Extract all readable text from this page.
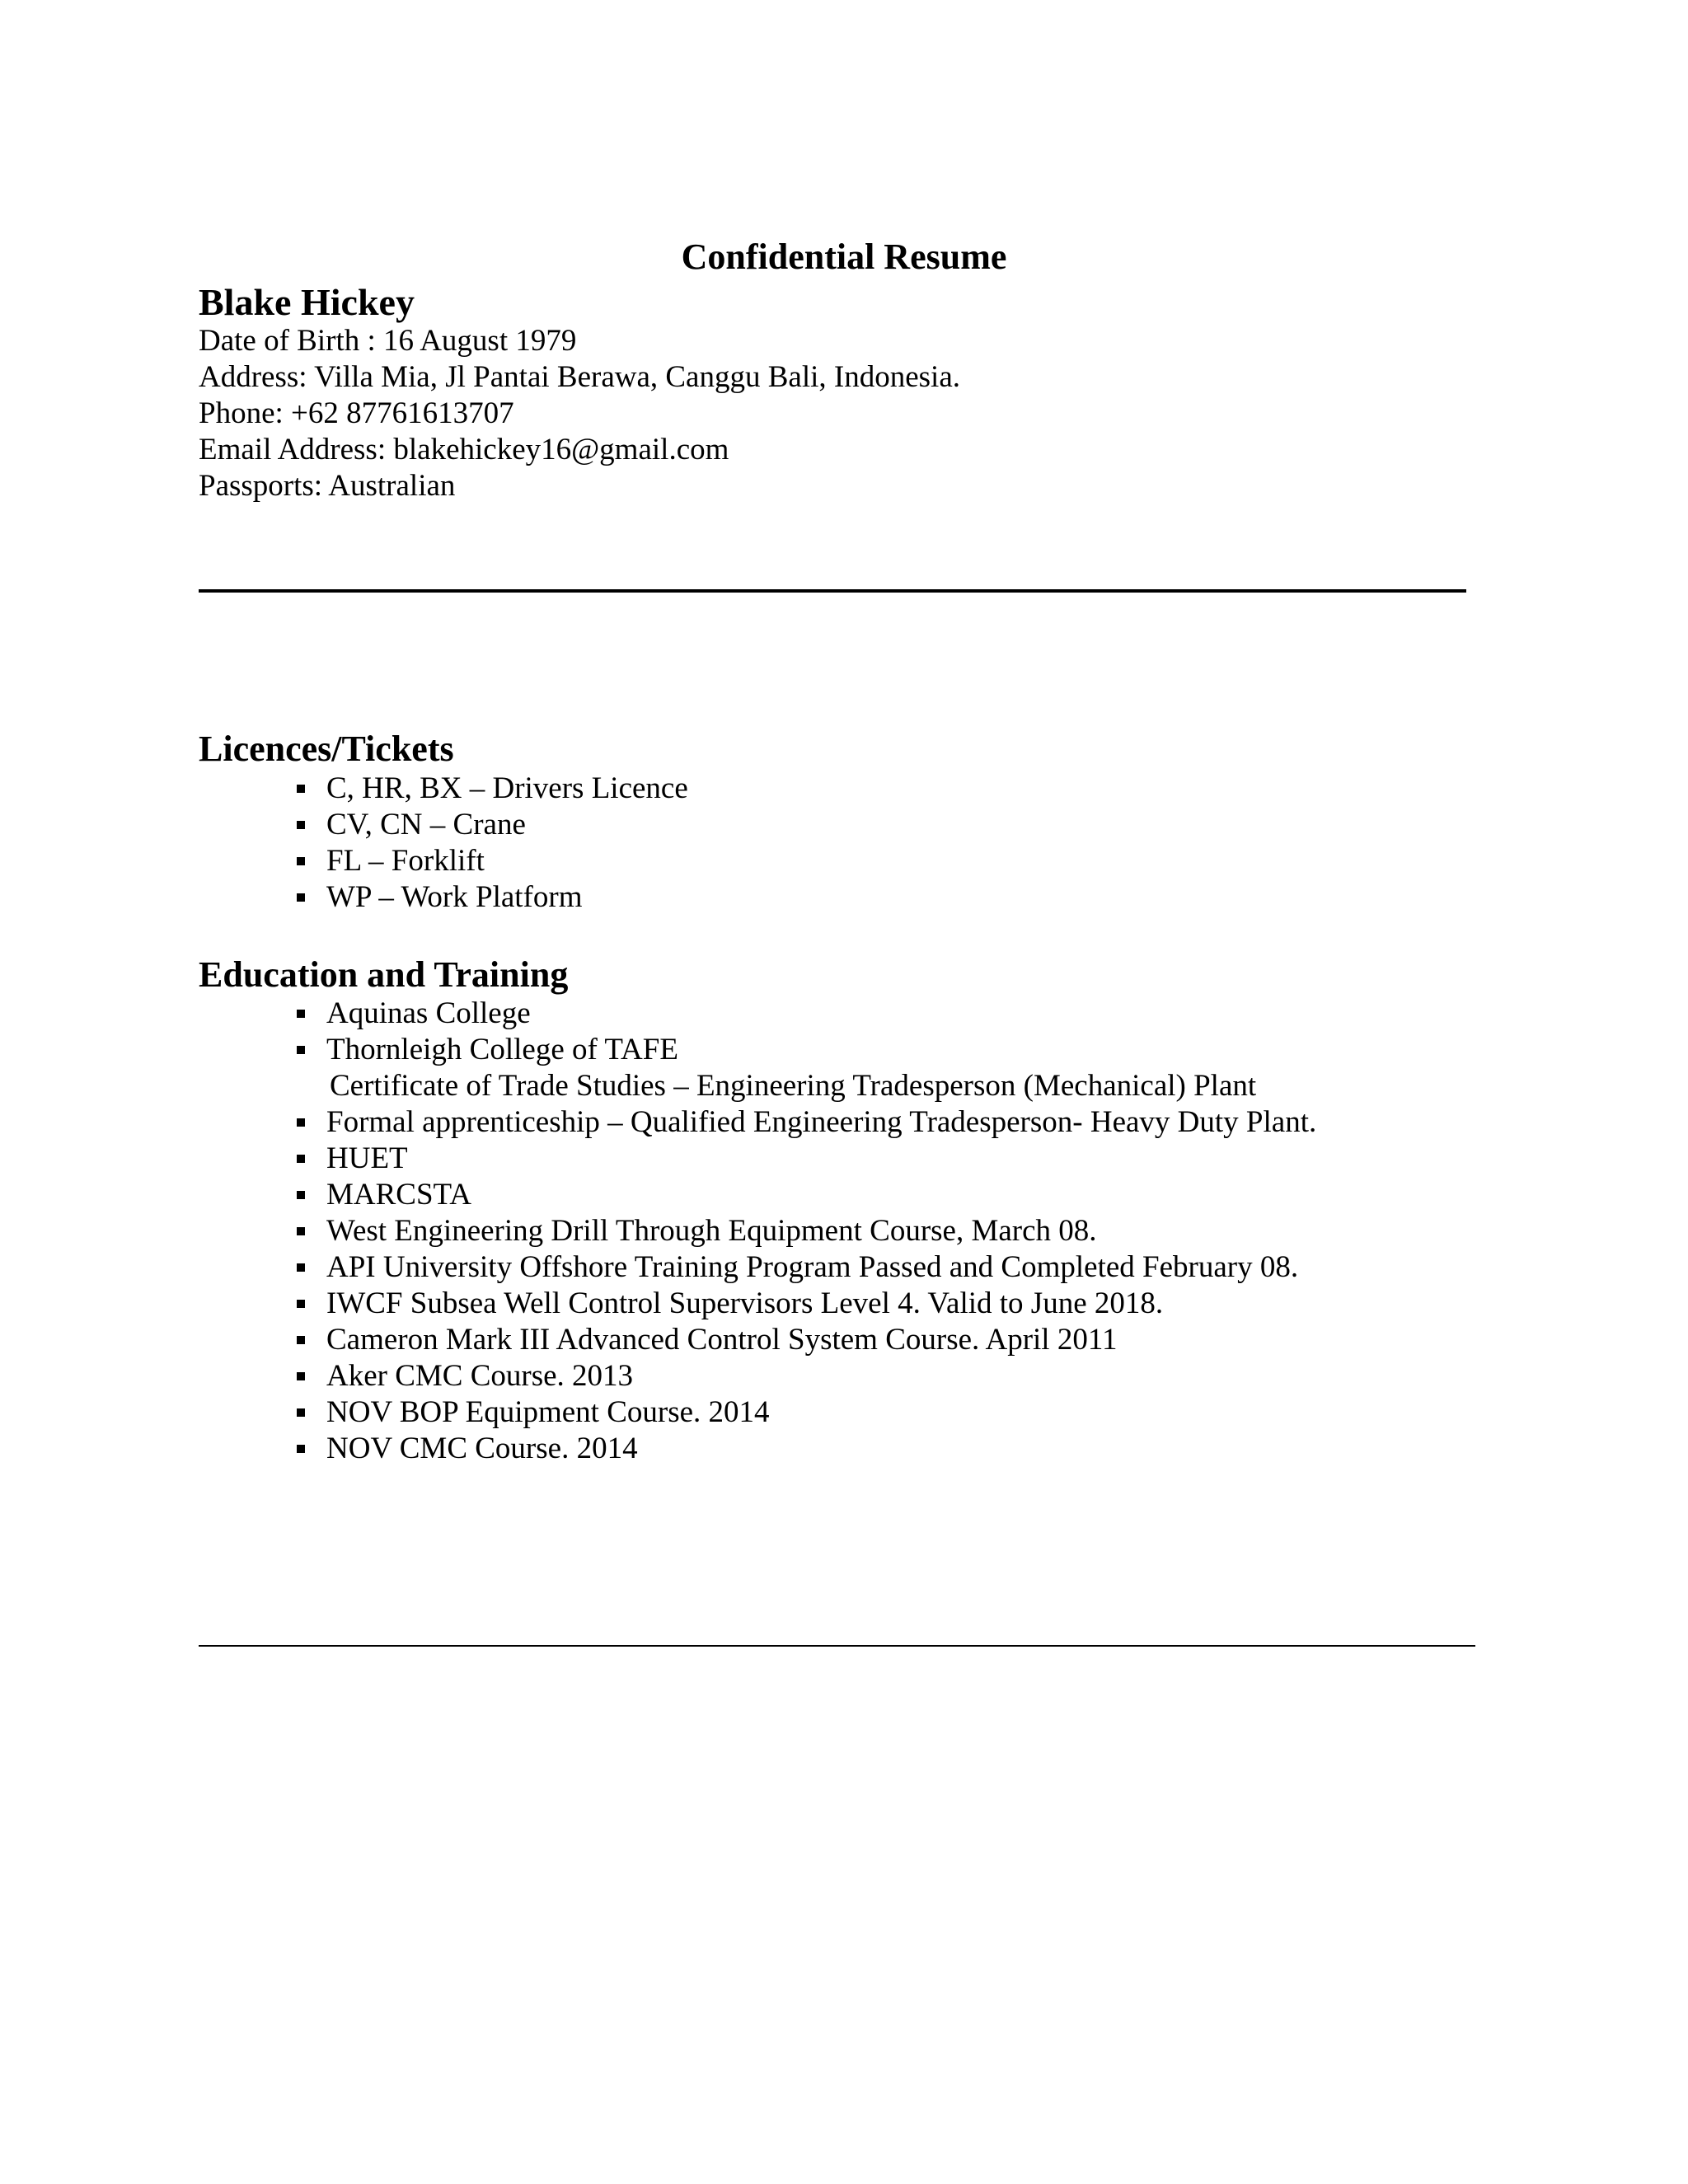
Confidential Resume
Blake Hickey
Date of Birth : 16 August 1979
Address: Villa Mia, Jl Pantai Berawa, Canggu Bali, Indonesia.
Phone: +62 87761613707
Email Address: blakehickey16@gmail.com
Passports: Australian
Licences/Tickets
C, HR, BX – Drivers Licence
CV, CN – Crane
FL – Forklift
WP – Work Platform
Education and Training
Aquinas College
Thornleigh College of TAFE
Certificate of Trade Studies – Engineering Tradesperson (Mechanical) Plant
Formal apprenticeship – Qualified Engineering Tradesperson- Heavy Duty Plant.
HUET
MARCSTA
West Engineering Drill Through Equipment Course, March 08.
API University Offshore Training Program Passed and Completed February 08.
IWCF Subsea Well Control Supervisors Level 4. Valid to June 2018.
Cameron Mark III Advanced Control System Course. April 2011
Aker CMC Course. 2013
NOV BOP Equipment Course. 2014
NOV CMC Course. 2014
